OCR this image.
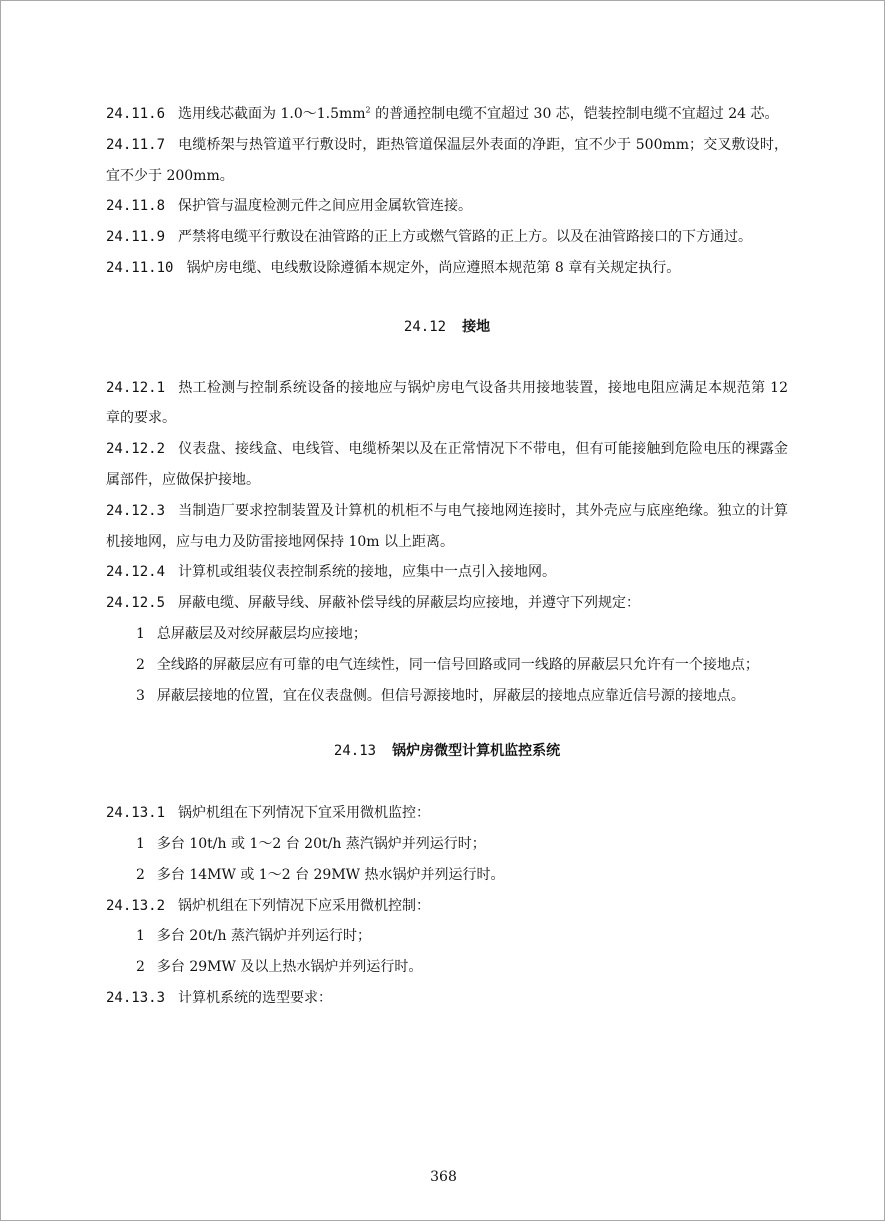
24.11.6 选用线芯截面为 $1.0\sim 1.5mm^2$ 的普通控制电缆不宜超过 30 芯，铠装控制电缆不宜超过 24 芯。

24.11.7 电缆桥架与热管道平行敷设时，距热管道保温层外表面的净距，宜不少于 500mm；交叉敷设时，宜不少于 200mm。

24.11.8 保护管与温度检测元件之间应用金属软管连接。

24.11.9 严禁将电缆平行敷设在油管路的正上方或燃气管路的正上方。以及在油管路接口的下方通过。

24.11.10 锅炉房电缆、电线敷设除遵循本规定外，尚应遵照本规范第 8 章有关规定执行。

24.12 接地

24.12.1 热工检测与控制系统设备的接地应与锅炉房电气设备共用接地装置，接地电阻应满足本规范第 12 章的要求。

24.12.2 仪表盘、接线盒、电线管、电缆桥架以及在正常情况下不带电，但有可能接触到危险电压的裸露金属部件，应做保护接地。

24.12.3 当制造厂要求控制装置及计算机的机柜不与电气接地网连接时，其外壳应与底座绝缘。独立的计算机接地网，应与电力及防雷接地网保持 10m 以上距离。

24.12.4 计算机或组装仪表控制系统的接地，应集中一点引入接地网。

24.12.5 屏蔽电缆、屏蔽导线、屏蔽补偿导线的屏蔽层均应接地，并遵守下列规定：

1 总屏蔽层及对绞屏蔽层均应接地；

2 全线路的屏蔽层应有可靠的电气连续性，同一信号回路或同一线路的屏蔽层只允许有一个接地点；

3 屏蔽层接地的位置，宜在仪表盘侧。但信号源接地时，屏蔽层的接地点应靠近信号源的接地点。

24.13 锅炉房微型计算机监控系统

24.13.1 锅炉机组在下列情况下宜采用微机监控：

1 多台 10t/h 或 1～2 台 20t/h 蒸汽锅炉并列运行时；

2 多台 14MW 或 1～2 台 29MW 热水锅炉并列运行时。

24.13.2 锅炉机组在下列情况下应采用微机控制：

1 多台 20t/h 蒸汽锅炉并列运行时；

2 多台 29MW 及以上热水锅炉并列运行时。

24.13.3 计算机系统的选型要求：

368
